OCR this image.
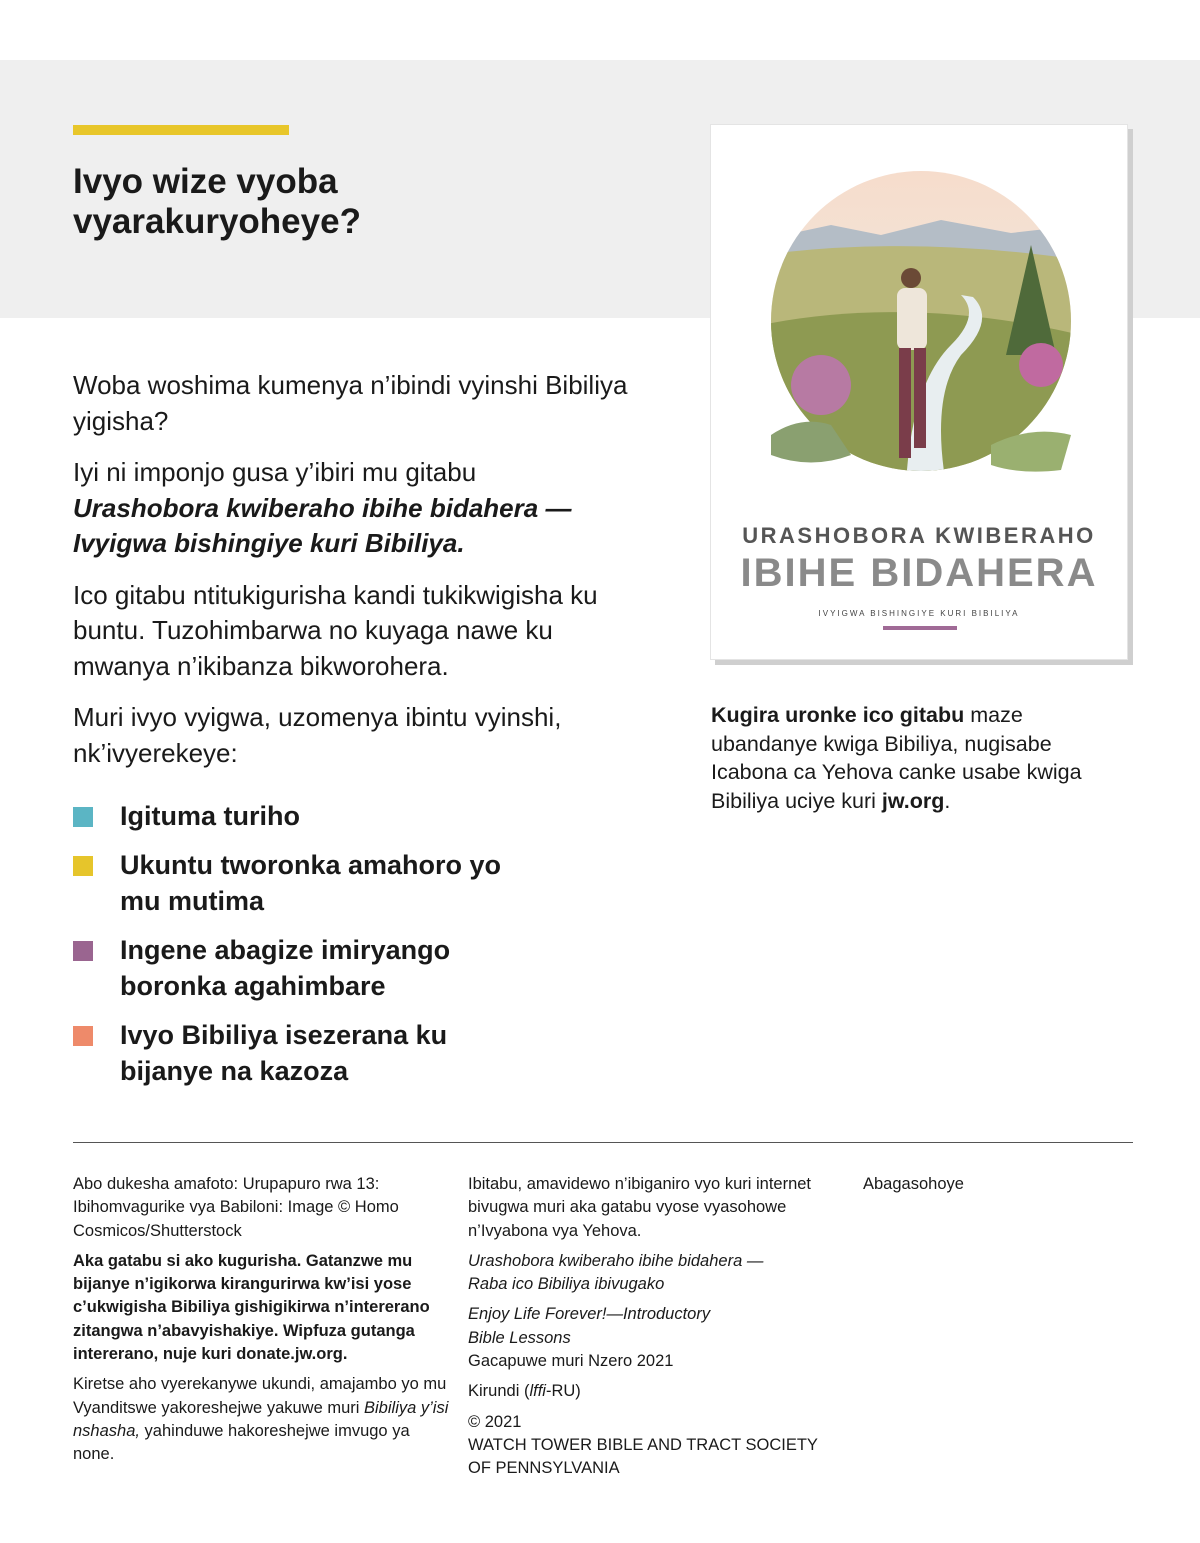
Ivyo wize vyoba vyarakuryoheye?

Woba woshima kumenya n’ibindi vyinshi Bibiliya yigisha?

Iyi ni imponjo gusa y’ibiri mu gitabu
Urashobora kwiberaho ibihe bidahera —Ivyigwa bishingiye kuri Bibiliya.

Ico gitabu ntitukigurisha kandi tukikwigisha ku buntu. Tuzohimbarwa no kuyaga nawe ku mwanya n’ikibanza bikworohera.

Muri ivyo vyigwa, uzomenya ibintu vyinshi, nk’ivyerekeye:

Igituma turiho
Ukuntu tworonka amahoro yo mu mutima
Ingene abagize imiryango boronka agahimbare
Ivyo Bibiliya isezerana ku bijanye na kazoza
URASHOBORA KWIBERAHO
IBIHE BIDAHERA
IVYIGWA BISHINGIYE KURI BIBILIYA
Kugira uronke ico gitabu maze ubandanye kwiga Bibiliya, nugisabe Icabona ca Yehova canke usabe kwiga Bibiliya uciye kuri jw.org.

Abo dukesha amafoto: Urupapuro rwa 13: Ibihomvagurike vya Babiloni: Image © Homo Cosmicos/Shutterstock

Aka gatabu si ako kugurisha. Gatanzwe mu bijanye n’igikorwa kirangurirwa kw’isi yose c’ukwigisha Bibiliya gishigikirwa n’intererano zitangwa n’abavyishakiye. Wipfuza gutanga intererano, nuje kuri donate.jw.org.

Kiretse aho vyerekanywe ukundi, amajambo yo mu Vyanditswe yakoreshejwe yakuwe muri Bibiliya y’isi nshasha, yahinduwe hakoreshejwe imvugo ya none.

Ibitabu, amavidewo n’ibiganiro vyo kuri internet bivugwa muri aka gatabu vyose vyasohowe n’Ivyabona vya Yehova.

Urashobora kwiberaho ibihe bidahera —Raba ico Bibiliya ibivugako

Enjoy Life Forever!—Introductory Bible Lessons
Gacapuwe muri Nzero 2021

Kirundi (lffi-RU)

© 2021
WATCH TOWER BIBLE AND TRACT SOCIETY OF PENNSYLVANIA

Abagasohoye
